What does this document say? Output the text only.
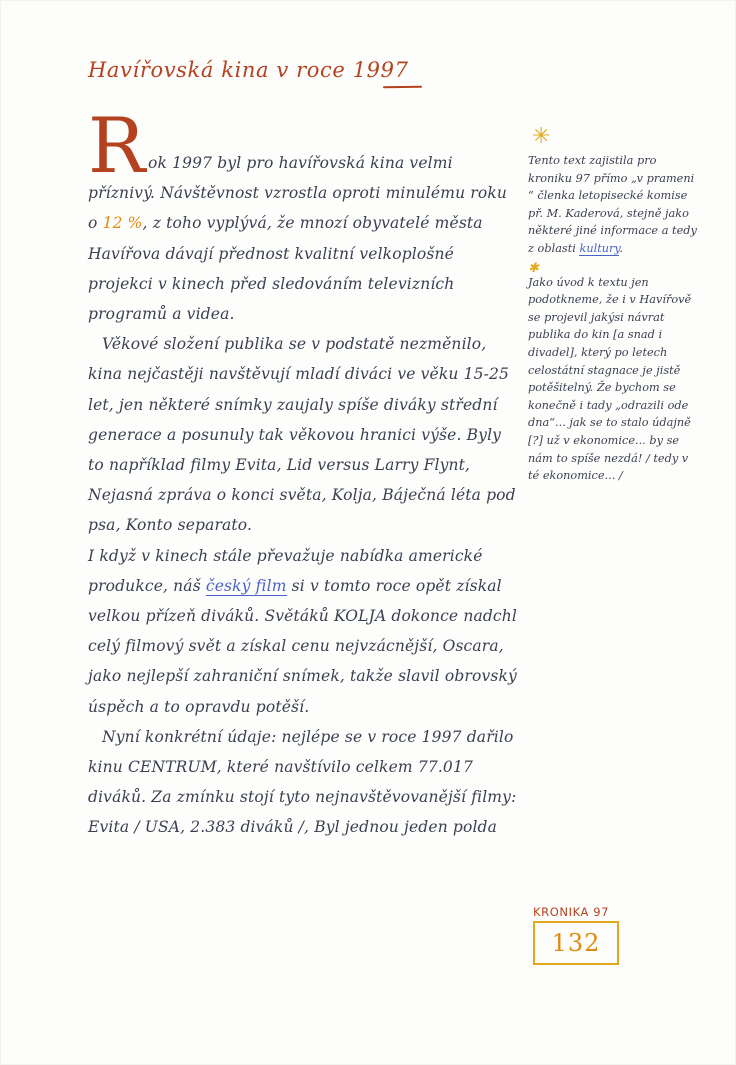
Havířovská kina v roce 1997
R ok 1997 byl pro havířovská kina velmi příznivý. Návštěvnost vzrostla oproti minulému roku o 12 %, z toho vyplývá, že mnozí obyvatelé města Havířova dávají přednost kvalitní velkoplošné projekci v kinech před sledováním televizních programů a videa.

Věkové složení publika se v podstatě nezměnilo, kina nejčastěji navštěvují mladí diváci ve věku 15-25 let, jen některé snímky zaujaly spíše diváky střední generace a posunuly tak věkovou hranici výše. Byly to například filmy Evita, Lid versus Larry Flynt, Nejasná zpráva o konci světa, Kolja, Báječná léta pod psa, Konto separato.

I když v kinech stále převažuje nabídka americké produkce, náš český film si v tomto roce opět získal velkou přízeň diváků. Světáků KOLJA dokonce nadchl celý filmový svět a získal cenu nejvzácnější, Oscara, jako nejlepší zahraniční snímek, takže slavil obrovský úspěch a to opravdu potěší.

Nyní konkrétní údaje: nejlépe se v roce 1997 dařilo kinu CENTRUM, které navštívilo celkem 77.017 diváků. Za zmínku stojí tyto nejnavštěvovanější filmy: Evita / USA, 2.383 diváků /, Byl jednou jeden polda

✳

Tento text zajistila pro kroniku 97 přímo „v prameni “ členka letopisecké komise př. M. Kaderová, stejně jako některé jiné informace a tedy z oblasti kultury.

✱

Jako úvod k textu jen podotkneme, že i v Havířově se projevil jakýsi návrat publika do kin [a snad i divadel], který po letech celostátní stagnace je jistě potěšitelný. Že bychom se konečně i tady „odrazili ode dna“... jak se to stalo údajně [?] už v ekonomice... by se nám to spíše nezdá! / tedy v té ekonomice... /

KRONIKA 97
132
